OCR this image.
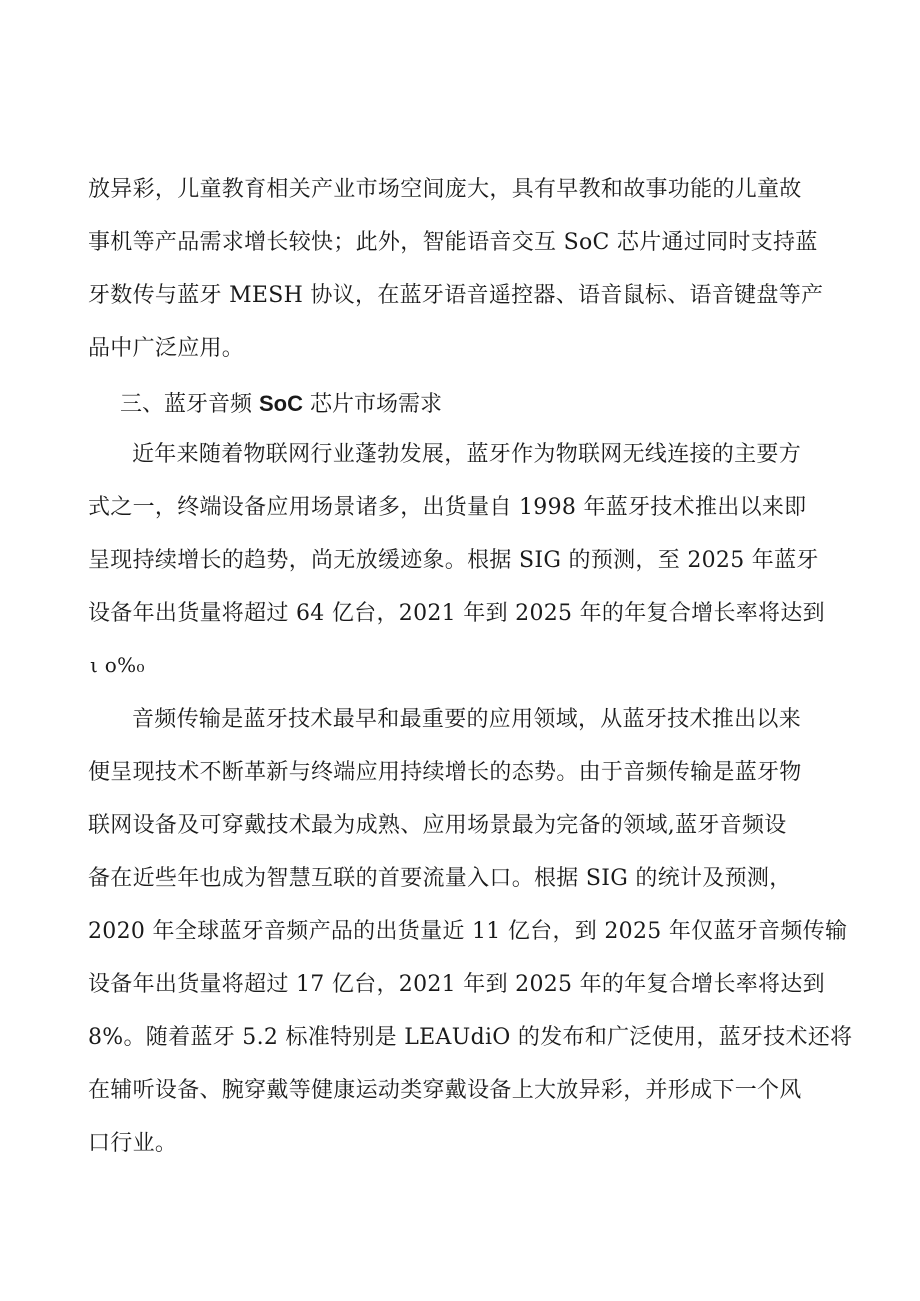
放异彩，儿童教育相关产业市场空间庞大，具有早教和故事功能的儿童故
事机等产品需求增长较快；此外，智能语音交互 SoC 芯片通过同时支持蓝
牙数传与蓝牙 MESH 协议，在蓝牙语音遥控器、语音鼠标、语音键盘等产
品中广泛应用。
三、蓝牙音频 SoC 芯片市场需求
近年来随着物联网行业蓬勃发展，蓝牙作为物联网无线连接的主要方
式之一，终端设备应用场景诸多，出货量自 1998 年蓝牙技术推出以来即
呈现持续增长的趋势，尚无放缓迹象。根据 SIG 的预测，至 2025 年蓝牙
设备年出货量将超过 64 亿台，2021 年到 2025 年的年复合增长率将达到
ι o%₀
音频传输是蓝牙技术最早和最重要的应用领域，从蓝牙技术推出以来
便呈现技术不断革新与终端应用持续增长的态势。由于音频传输是蓝牙物
联网设备及可穿戴技术最为成熟、应用场景最为完备的领域,蓝牙音频设
备在近些年也成为智慧互联的首要流量入口。根据 SIG 的统计及预测，
2020 年全球蓝牙音频产品的出货量近 11 亿台，到 2025 年仅蓝牙音频传输
设备年出货量将超过 17 亿台，2021 年到 2025 年的年复合增长率将达到
8%。随着蓝牙 5.2 标准特别是 LEAUdiO 的发布和广泛使用，蓝牙技术还将
在辅听设备、腕穿戴等健康运动类穿戴设备上大放异彩，并形成下一个风
口行业。
